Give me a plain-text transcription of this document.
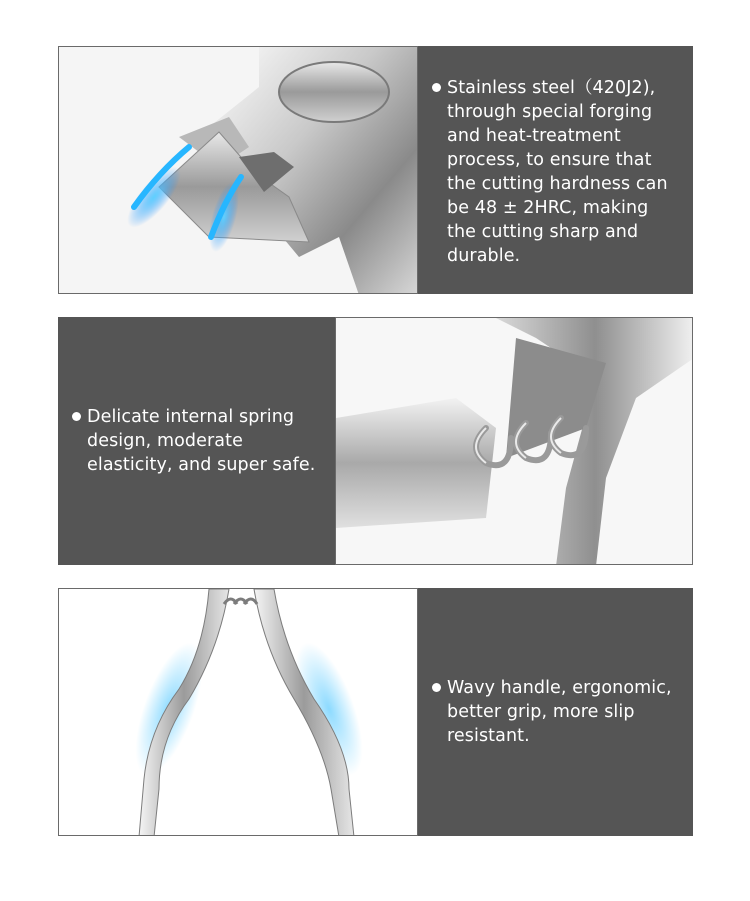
Stainless steel（420J2), through special forging and heat-treatment process, to ensure that the cutting hardness can be 48 ± 2HRC, making the cutting sharp and durable.
Delicate internal spring design, moderate elasticity, and super safe.
Wavy handle, ergonomic, better grip, more slip resistant.
